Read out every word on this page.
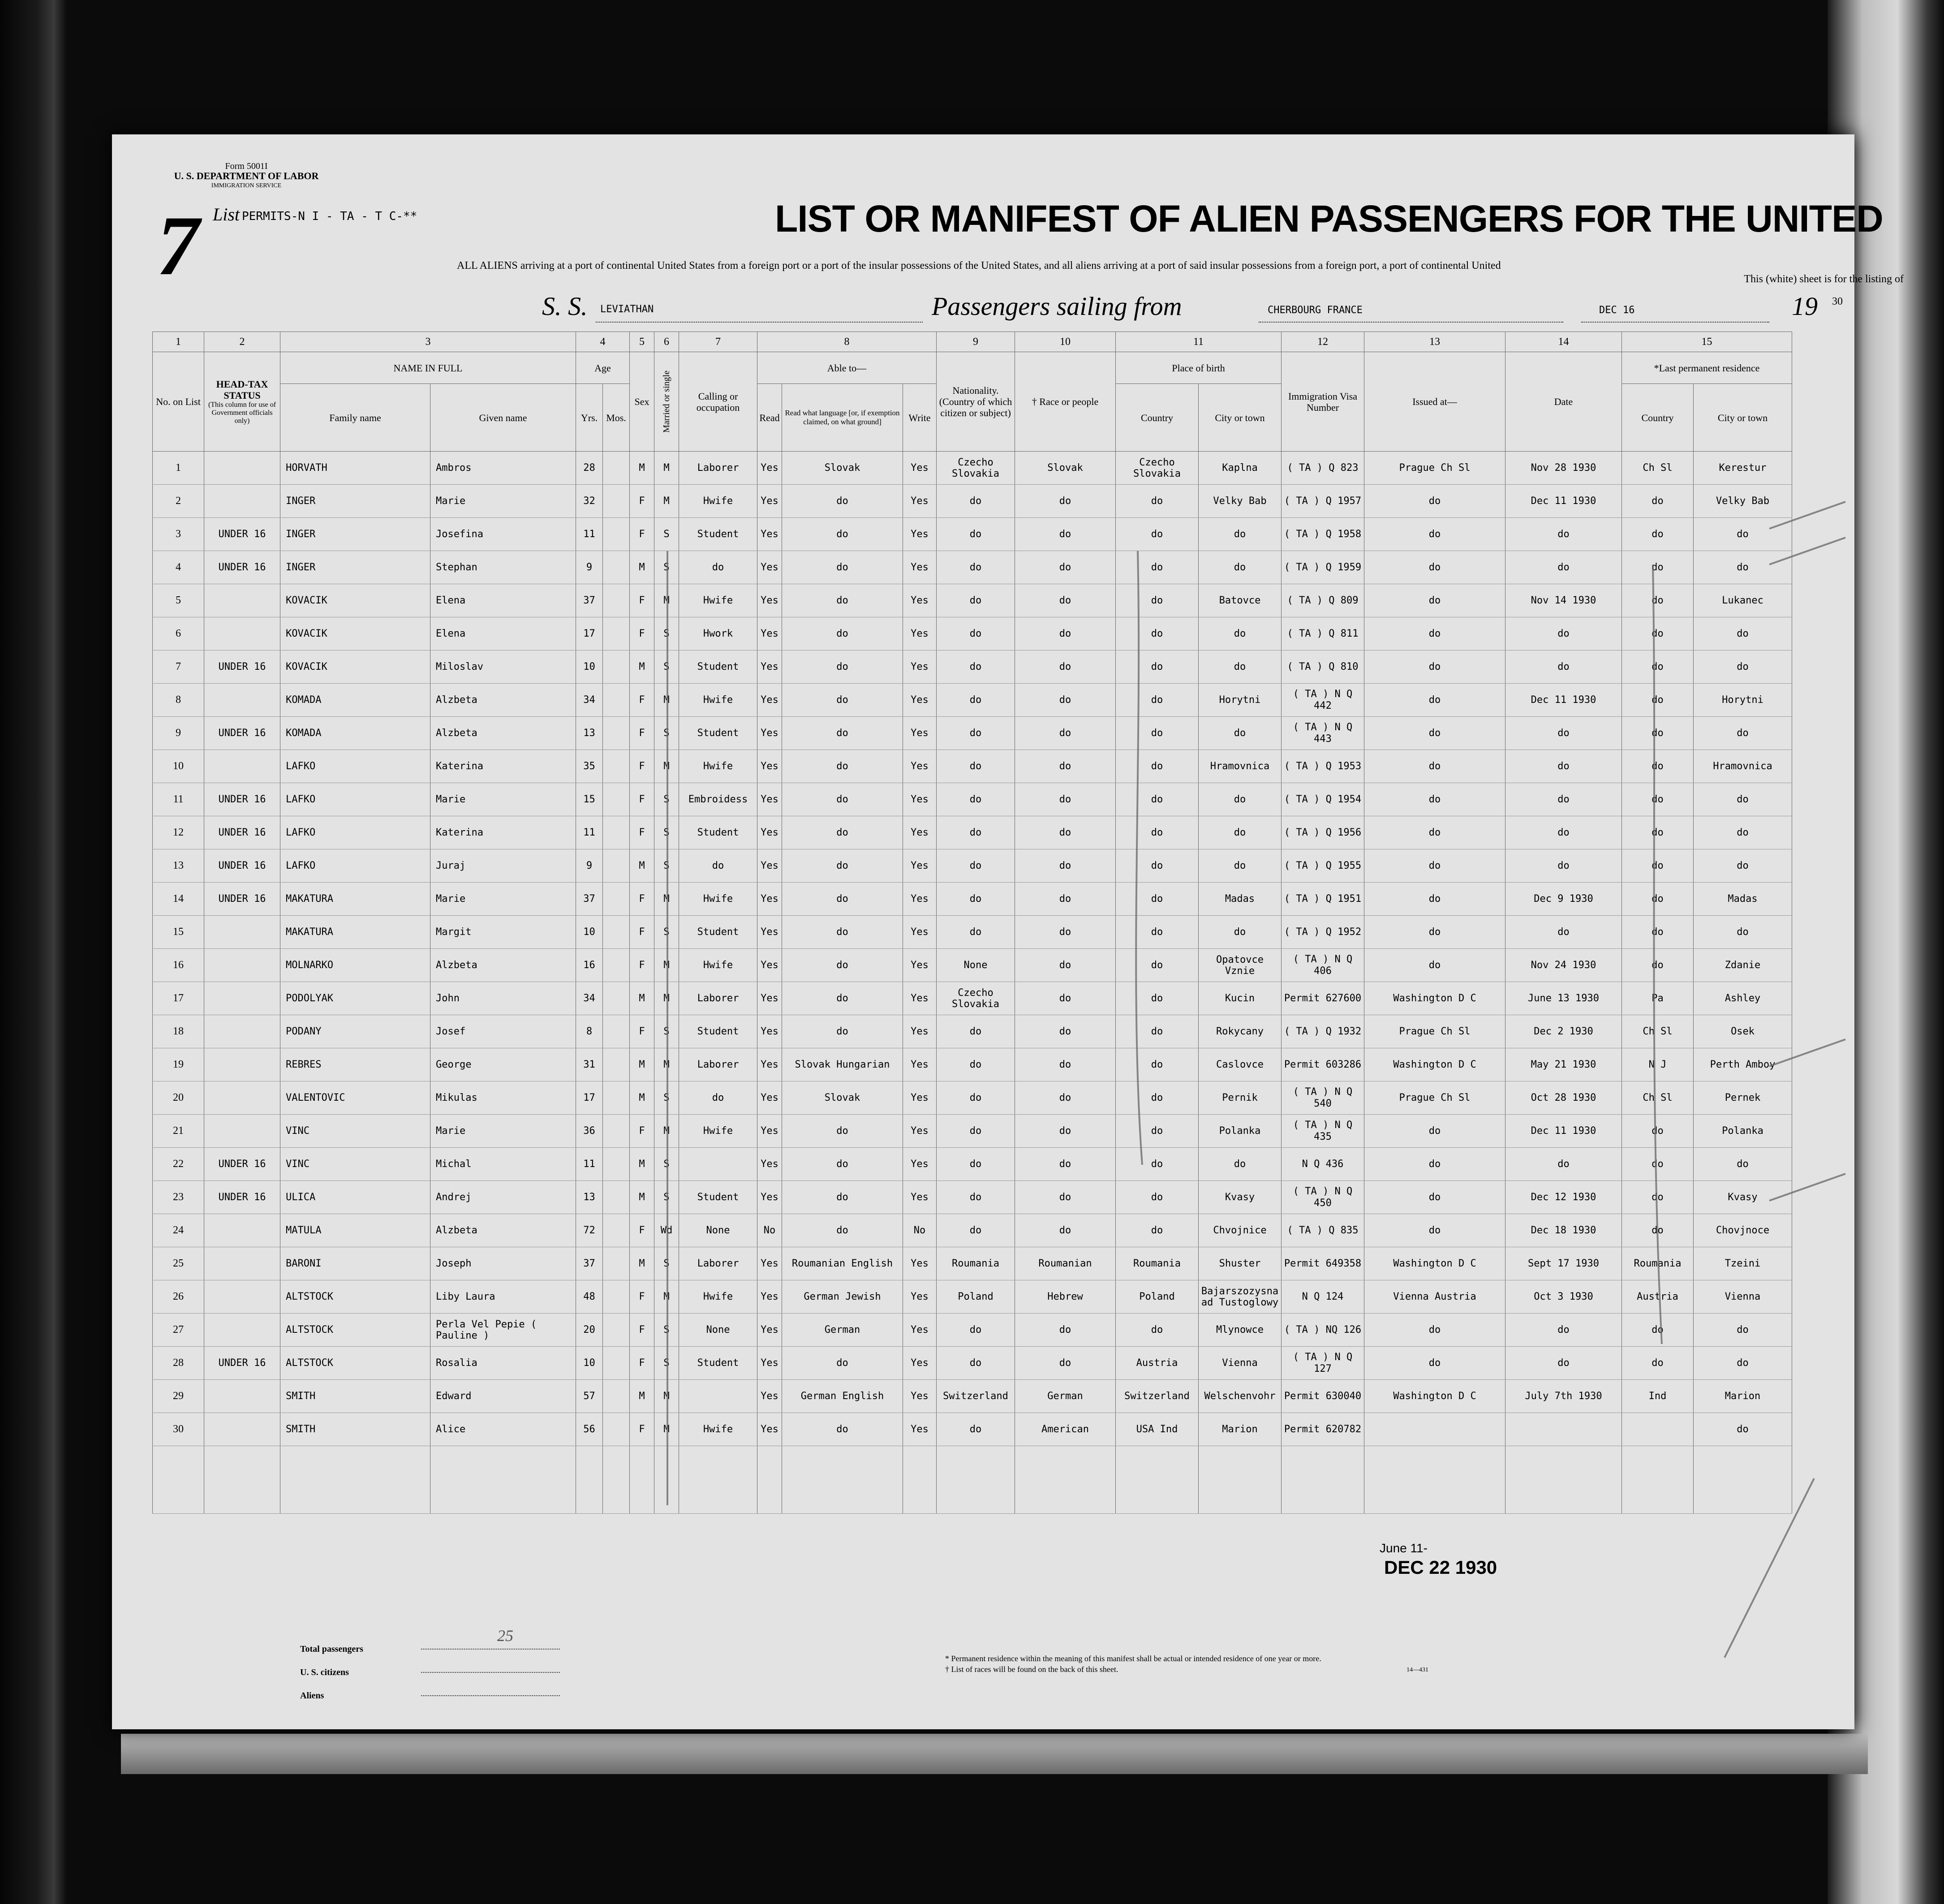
Form 5001I
U. S. DEPARTMENT OF LABOR
IMMIGRATION SERVICE
7 List PERMITS-N I - TA - T C-**	LIST OR MANIFEST OF ALIEN PASSENGERS FOR THE UNITED
ALL ALIENS arriving at a port of continental United States from a foreign port or a port of the insular possessions of the United States, and all aliens arriving at a port of said insular possessions from a foreign port, a port of continental United
This (white) sheet is for the listing of
S. S. LEVIATHAN	Passengers sailing from	CHERBOURG FRANCE	DEC 16	19 30
1	2	3		4		5	6	7	8			9	10	11		12	13	14	15	
No. on List	HEAD-TAX STATUS
(This column for use of Government officials only)	NAME IN FULL		Age		Sex	Married or single	Calling or occupation	Able to—			Nationality. (Country of which citizen or subject)	† Race or people	Place of birth		Immigration Visa Number	Issued at—	Date	*Last permanent residence	
									Read	Read what language [or, if exemption claimed, on what ground]	Write									
		Family name	Given name	Yrs.	Mos.									Country	City or town				Country	City or town
1		HORVATH	Ambros	28		M	M	Laborer	Yes	Slovak	Yes	Czecho Slovakia	Slovak	Czecho Slovakia	Kaplna	( TA ) Q 823	Prague Ch Sl	Nov 28 1930	Ch Sl	Kerestur
2		INGER	Marie	32		F	M	Hwife	Yes	do	Yes	do	do	do	Velky Bab	( TA ) Q 1957	do	Dec 11 1930	do	Velky Bab
3	UNDER 16	INGER	Josefina	11		F	S	Student	Yes	do	Yes	do	do	do	do	( TA ) Q 1958	do	do	do	do
4	UNDER 16	INGER	Stephan	9		M	S	do	Yes	do	Yes	do	do	do	do	( TA ) Q 1959	do	do	do	do
5		KOVACIK	Elena	37		F	M	Hwife	Yes	do	Yes	do	do	do	Batovce	( TA ) Q 809	do	Nov 14 1930	do	Lukanec
6		KOVACIK	Elena	17		F	S	Hwork	Yes	do	Yes	do	do	do	do	( TA ) Q 811	do	do	do	do
7	UNDER 16	KOVACIK	Miloslav	10		M	S	Student	Yes	do	Yes	do	do	do	do	( TA ) Q 810	do	do	do	do
8		KOMADA	Alzbeta	34		F	M	Hwife	Yes	do	Yes	do	do	do	Horytni	( TA ) N Q 442	do	Dec 11 1930	do	Horytni
9	UNDER 16	KOMADA	Alzbeta	13		F	S	Student	Yes	do	Yes	do	do	do	do	( TA ) N Q 443	do	do	do	do
10		LAFKO	Katerina	35		F	M	Hwife	Yes	do	Yes	do	do	do	Hramovnica	( TA ) Q 1953	do	do	do	Hramovnica
11	UNDER 16	LAFKO	Marie	15		F	S	Embroidess	Yes	do	Yes	do	do	do	do	( TA ) Q 1954	do	do	do	do
12	UNDER 16	LAFKO	Katerina	11		F	S	Student	Yes	do	Yes	do	do	do	do	( TA ) Q 1956	do	do	do	do
13	UNDER 16	LAFKO	Juraj	9		M	S	do	Yes	do	Yes	do	do	do	do	( TA ) Q 1955	do	do	do	do
14	UNDER 16	MAKATURA	Marie	37		F	M	Hwife	Yes	do	Yes	do	do	do	Madas	( TA ) Q 1951	do	Dec 9 1930	do	Madas
15		MAKATURA	Margit	10		F	S	Student	Yes	do	Yes	do	do	do	do	( TA ) Q 1952	do	do	do	do
16		MOLNARKO	Alzbeta	16		F	M	Hwife	Yes	do	Yes	None	do	do	Opatovce Vznie	( TA ) N Q 406	do	Nov 24 1930	do	Zdanie
17		PODOLYAK	John	34		M	M	Laborer	Yes	do	Yes	Czecho Slovakia	do	do	Kucin	Permit 627600	Washington D C	June 13 1930	Pa	Ashley
18		PODANY	Josef	8		F	S	Student	Yes	do	Yes	do	do	do	Rokycany	( TA ) Q 1932	Prague Ch Sl	Dec 2 1930	Ch Sl	Osek
19		REBRES	George	31		M	M	Laborer	Yes	Slovak Hungarian	Yes	do	do	do	Caslovce	Permit 603286	Washington D C	May 21 1930	N J	Perth Amboy
20		VALENTOVIC	Mikulas	17		M	S	do	Yes	Slovak	Yes	do	do	do	Pernik	( TA ) N Q 540	Prague Ch Sl	Oct 28 1930	Ch Sl	Pernek
21		VINC	Marie	36		F	M	Hwife	Yes	do	Yes	do	do	do	Polanka	( TA ) N Q 435	do	Dec 11 1930	do	Polanka
22	UNDER 16	VINC	Michal	11		M	S		Yes	do	Yes	do	do	do	do	N Q 436	do	do	do	do
23	UNDER 16	ULICA	Andrej	13		M	S	Student	Yes	do	Yes	do	do	do	Kvasy	( TA ) N Q 450	do	Dec 12 1930	do	Kvasy
24		MATULA	Alzbeta	72		F	Wd	None	No	do	No	do	do	do	Chvojnice	( TA ) Q 835	do	Dec 18 1930	do	Chovjnoce
25		BARONI	Joseph	37		M	S	Laborer	Yes	Roumanian English	Yes	Roumania	Roumanian	Roumania	Shuster	Permit 649358	Washington D C	Sept 17 1930	Roumania	Tzeini
26		ALTSTOCK	Liby Laura	48		F	M	Hwife	Yes	German Jewish	Yes	Poland	Hebrew	Poland	Bajarszozysna ad Tustoglowy	N Q 124	Vienna Austria	Oct 3 1930	Austria	Vienna
27		ALTSTOCK	Perla Vel Pepie ( Pauline )	20		F	S	None	Yes	German	Yes	do	do	do	Mlynowce	( TA ) NQ 126	do	do	do	do
28	UNDER 16	ALTSTOCK	Rosalia	10		F	S	Student	Yes	do	Yes	do	do	Austria	Vienna	( TA ) N Q 127	do	do	do	do
29		SMITH	Edward	57		M	M		Yes	German English	Yes	Switzerland	German	Switzerland	Welschenvohr	Permit 630040	Washington D C	July 7th 1930	Ind	Marion
30		SMITH	Alice	56		F	M	Hwife	Yes	do	Yes	do	American	USA Ind	Marion	Permit 620782				do

June 11-
DEC 22 1930
Total passengers
25
U. S. citizens
Aliens
* Permanent residence within the meaning of this manifest shall be actual or intended residence of one year or more.
† List of races will be found on the back of this sheet.	14—431
